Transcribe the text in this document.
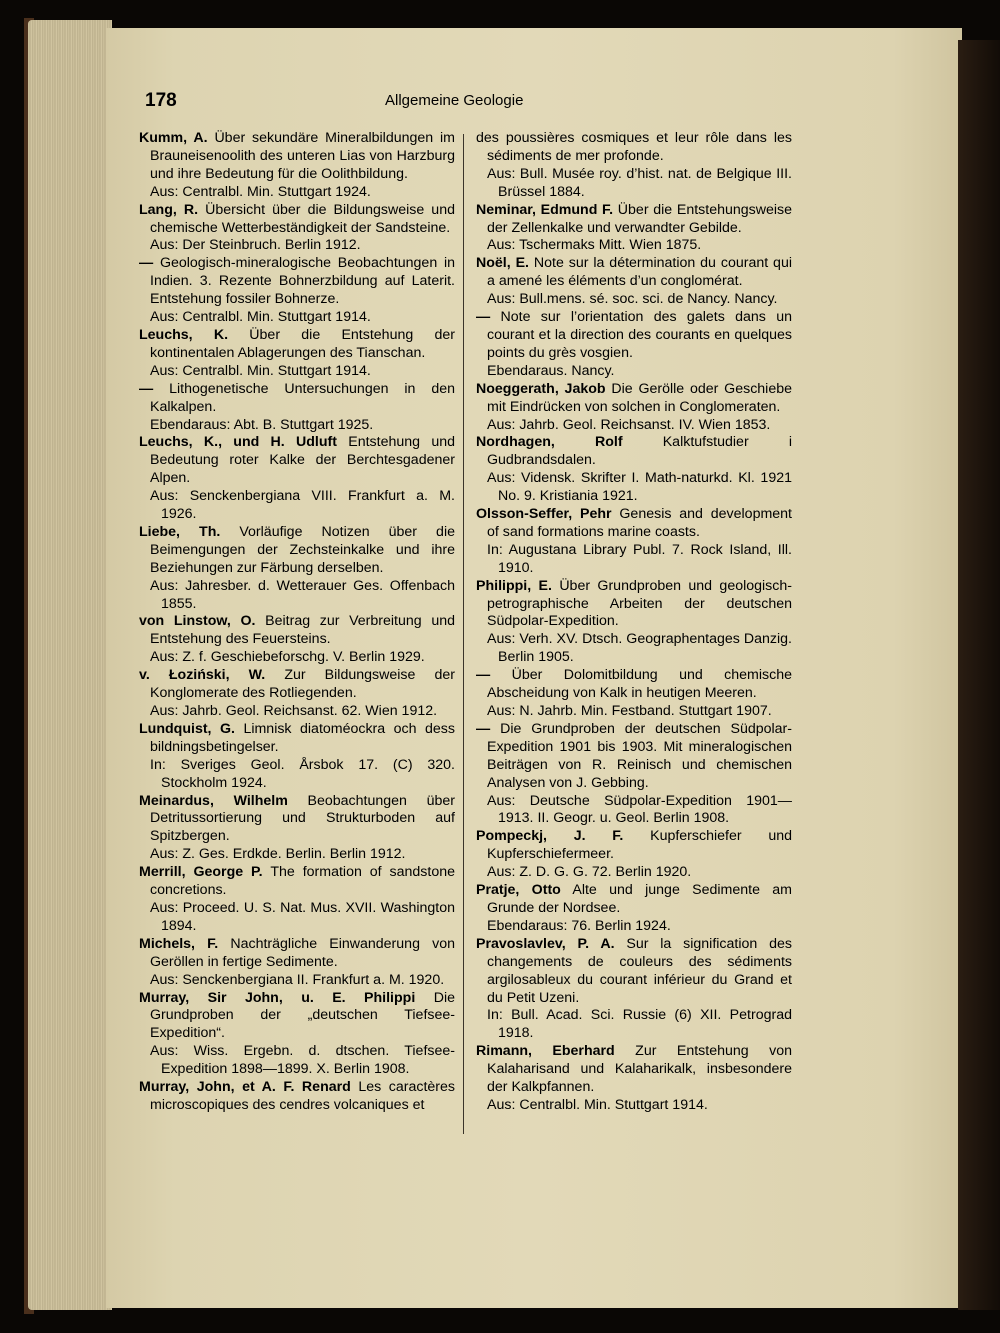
178	Allgemeine Geologie

Kumm, A. Über sekundäre Mineralbildungen im Brauneisenoolith des unteren Lias von Harzburg und ihre Bedeutung für die Oolithbildung.

Aus: Centralbl. Min. Stuttgart 1924.

Lang, R. Übersicht über die Bildungsweise und chemische Wetterbeständigkeit der Sandsteine.

Aus: Der Steinbruch. Berlin 1912.

— Geologisch-mineralogische Beobachtungen in Indien. 3. Rezente Bohnerzbildung auf Laterit. Entstehung fossiler Bohnerze.

Aus: Centralbl. Min. Stuttgart 1914.

Leuchs, K. Über die Entstehung der kontinentalen Ablagerungen des Tianschan.

Aus: Centralbl. Min. Stuttgart 1914.

— Lithogenetische Untersuchungen in den Kalkalpen.

Ebendaraus: Abt. B. Stuttgart 1925.

Leuchs, K., und H. Udluft Entstehung und Bedeutung roter Kalke der Berchtesgadener Alpen.

Aus: Senckenbergiana VIII. Frankfurt a. M. 1926.

Liebe, Th. Vorläufige Notizen über die Beimengungen der Zechsteinkalke und ihre Beziehungen zur Färbung derselben.

Aus: Jahresber. d. Wetterauer Ges. Offenbach 1855.

von Linstow, O. Beitrag zur Verbreitung und Entstehung des Feuersteins.

Aus: Z. f. Geschiebeforschg. V. Berlin 1929.

v. Łoziński, W. Zur Bildungsweise der Konglomerate des Rotliegenden.

Aus: Jahrb. Geol. Reichsanst. 62. Wien 1912.

Lundquist, G. Limnisk diatoméockra och dess bildningsbetingelser.

In: Sveriges Geol. Årsbok 17. (C) 320. Stockholm 1924.

Meinardus, Wilhelm Beobachtungen über Detritussortierung und Strukturboden auf Spitzbergen.

Aus: Z. Ges. Erdkde. Berlin. Berlin 1912.

Merrill, George P. The formation of sandstone concretions.

Aus: Proceed. U. S. Nat. Mus. XVII. Washington 1894.

Michels, F. Nachträgliche Einwanderung von Geröllen in fertige Sedimente.

Aus: Senckenbergiana II. Frankfurt a. M. 1920.

Murray, Sir John, u. E. Philippi Die Grundproben der „deutschen Tiefsee-Expedition“.

Aus: Wiss. Ergebn. d. dtschen. Tiefsee-Expedition 1898—1899. X. Berlin 1908.

Murray, John, et A. F. Renard Les caractères microscopiques des cendres volcaniques et

des poussières cosmiques et leur rôle dans les sédiments de mer profonde.

Aus: Bull. Musée roy. d’hist. nat. de Belgique III. Brüssel 1884.

Neminar, Edmund F. Über die Entstehungsweise der Zellenkalke und verwandter Gebilde.

Aus: Tschermaks Mitt. Wien 1875.

Noël, E. Note sur la détermination du courant qui a amené les éléments d’un conglomérat.

Aus: Bull.mens. sé. soc. sci. de Nancy. Nancy.

— Note sur l’orientation des galets dans un courant et la direction des courants en quelques points du grès vosgien.

Ebendaraus. Nancy.

Noeggerath, Jakob Die Gerölle oder Geschiebe mit Eindrücken von solchen in Conglomeraten.

Aus: Jahrb. Geol. Reichsanst. IV. Wien 1853.

Nordhagen, Rolf	Kalktufstudier i Gudbrandsdalen.

Aus: Vidensk. Skrifter I. Math-naturkd. Kl. 1921 No. 9. Kristiania 1921.

Olsson-Seffer, Pehr Genesis and development of sand formations marine coasts.

In: Augustana Library Publ. 7. Rock Island, Ill. 1910.

Philippi, E. Über Grundproben und geologisch-petrographische Arbeiten der deutschen Südpolar-Expedition.

Aus: Verh. XV. Dtsch. Geographentages Danzig. Berlin 1905.

— Über Dolomitbildung und chemische Abscheidung von Kalk in heutigen Meeren.

Aus: N. Jahrb. Min. Festband. Stuttgart 1907.

— Die Grundproben der deutschen Südpolar-Expedition 1901 bis 1903. Mit mineralogischen Beiträgen von R. Reinisch und chemischen Analysen von J. Gebbing.

Aus: Deutsche Südpolar-Expedition 1901—1913. II. Geogr. u. Geol. Berlin 1908.

Pompeckj, J. F. Kupferschiefer und Kupferschiefermeer.

Aus: Z. D. G. G. 72. Berlin 1920.

Pratje, Otto Alte und junge Sedimente am Grunde der Nordsee.

Ebendaraus: 76. Berlin 1924.

Pravoslavlev, P. A. Sur la signification des changements de couleurs des sédiments argilosableux du courant inférieur du Grand et du Petit Uzeni.

In: Bull. Acad. Sci. Russie (6) XII. Petrograd 1918.

Rimann, Eberhard Zur Entstehung von Kalaharisand und Kalaharikalk, insbesondere der Kalkpfannen.

Aus: Centralbl. Min. Stuttgart 1914.
